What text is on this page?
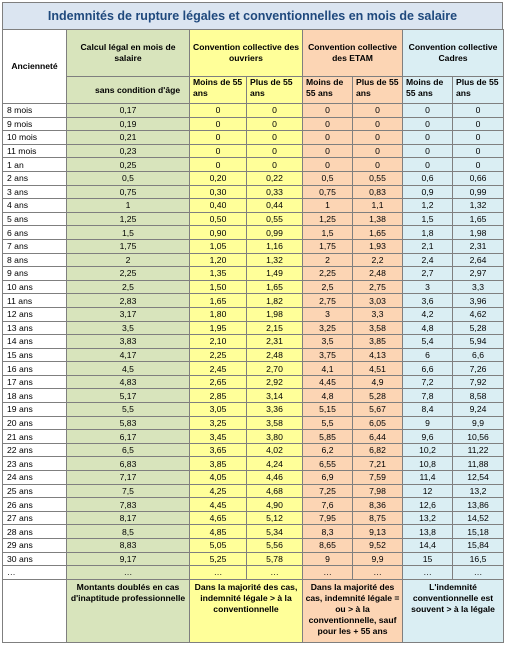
Indemnités de rupture légales et conventionnelles en mois de salaire
Ancienneté	Calcul légal en mois de salaire	Convention collective des ouvriers		Convention collective des ETAM		Convention collective Cadres	
	sans condition d'âge	Moins de 55 ans	Plus de 55 ans	Moins de 55 ans	Plus de 55 ans	Moins de 55 ans	Plus de 55 ans
8 mois	0,17	0	0	0	0	0	0
9 mois	0,19	0	0	0	0	0	0
10 mois	0,21	0	0	0	0	0	0
11 mois	0,23	0	0	0	0	0	0
1 an	0,25	0	0	0	0	0	0
2 ans	0,5	0,20	0,22	0,5	0,55	0,6	0,66
3 ans	0,75	0,30	0,33	0,75	0,83	0,9	0,99
4 ans	1	0,40	0,44	1	1,1	1,2	1,32
5 ans	1,25	0,50	0,55	1,25	1,38	1,5	1,65
6 ans	1,5	0,90	0,99	1,5	1,65	1,8	1,98
7 ans	1,75	1,05	1,16	1,75	1,93	2,1	2,31
8 ans	2	1,20	1,32	2	2,2	2,4	2,64
9 ans	2,25	1,35	1,49	2,25	2,48	2,7	2,97
10 ans	2,5	1,50	1,65	2,5	2,75	3	3,3
11 ans	2,83	1,65	1,82	2,75	3,03	3,6	3,96
12 ans	3,17	1,80	1,98	3	3,3	4,2	4,62
13 ans	3,5	1,95	2,15	3,25	3,58	4,8	5,28
14 ans	3,83	2,10	2,31	3,5	3,85	5,4	5,94
15 ans	4,17	2,25	2,48	3,75	4,13	6	6,6
16 ans	4,5	2,45	2,70	4,1	4,51	6,6	7,26
17 ans	4,83	2,65	2,92	4,45	4,9	7,2	7,92
18 ans	5,17	2,85	3,14	4,8	5,28	7,8	8,58
19 ans	5,5	3,05	3,36	5,15	5,67	8,4	9,24
20 ans	5,83	3,25	3,58	5,5	6,05	9	9,9
21 ans	6,17	3,45	3,80	5,85	6,44	9,6	10,56
22 ans	6,5	3,65	4,02	6,2	6,82	10,2	11,22
23 ans	6,83	3,85	4,24	6,55	7,21	10,8	11,88
24 ans	7,17	4,05	4,46	6,9	7,59	11,4	12,54
25 ans	7,5	4,25	4,68	7,25	7,98	12	13,2
26 ans	7,83	4,45	4,90	7,6	8,36	12,6	13,86
27 ans	8,17	4,65	5,12	7,95	8,75	13,2	14,52
28 ans	8,5	4,85	5,34	8,3	9,13	13,8	15,18
29 ans	8,83	5,05	5,56	8,65	9,52	14,4	15,84
30 ans	9,17	5,25	5,78	9	9,9	15	16,5
…	…	…	…	…	…	…	…
	Montants doublés en cas d'inaptitude professionnelle	Dans la majorité des cas, indemnité légale > à la conventionnelle		Dans la majorité des cas, indemnité légale = ou > à la conventionnelle, sauf pour les + 55 ans		L'indemnité conventionnelle est souvent > à la légale	
